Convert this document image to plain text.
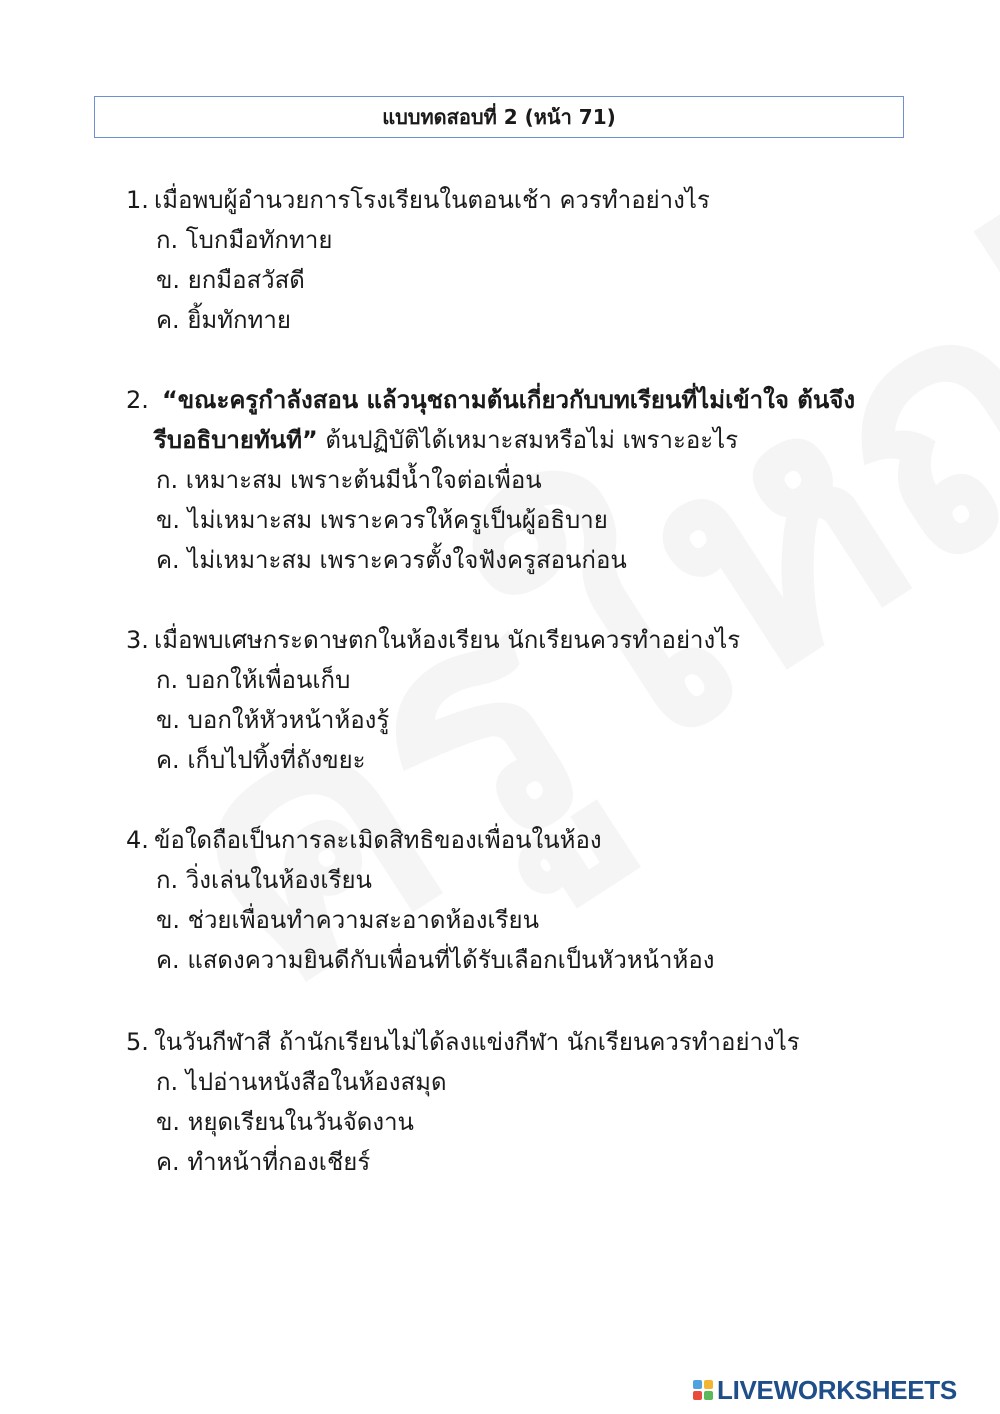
แบบทดสอบที่ 2 (หน้า 71)
1. เมื่อพบผู้อำนวยการโรงเรียนในตอนเช้า ควรทำอย่างไร
ก. โบกมือทักทาย
ข. ยกมือสวัสดี
ค. ยิ้มทักทาย
2. “ขณะครูกำลังสอน แล้วนุชถามต้นเกี่ยวกับบทเรียนที่ไม่เข้าใจ ต้นจึง
รีบอธิบายทันที” ต้นปฏิบัติได้เหมาะสมหรือไม่ เพราะอะไร
ก. เหมาะสม เพราะต้นมีน้ำใจต่อเพื่อน
ข. ไม่เหมาะสม เพราะควรให้ครูเป็นผู้อธิบาย
ค. ไม่เหมาะสม เพราะควรตั้งใจฟังครูสอนก่อน
3. เมื่อพบเศษกระดาษตกในห้องเรียน นักเรียนควรทำอย่างไร
ก. บอกให้เพื่อนเก็บ
ข. บอกให้หัวหน้าห้องรู้
ค. เก็บไปทิ้งที่ถังขยะ
4. ข้อใดถือเป็นการละเมิดสิทธิของเพื่อนในห้อง
ก. วิ่งเล่นในห้องเรียน
ข. ช่วยเพื่อนทำความสะอาดห้องเรียน
ค. แสดงความยินดีกับเพื่อนที่ได้รับเลือกเป็นหัวหน้าห้อง
5. ในวันกีฬาสี ถ้านักเรียนไม่ได้ลงแข่งกีฬา นักเรียนควรทำอย่างไร
ก. ไปอ่านหนังสือในห้องสมุด
ข. หยุดเรียนในวันจัดงาน
ค. ทำหน้าที่กองเชียร์
LIVEWORKSHEETS
